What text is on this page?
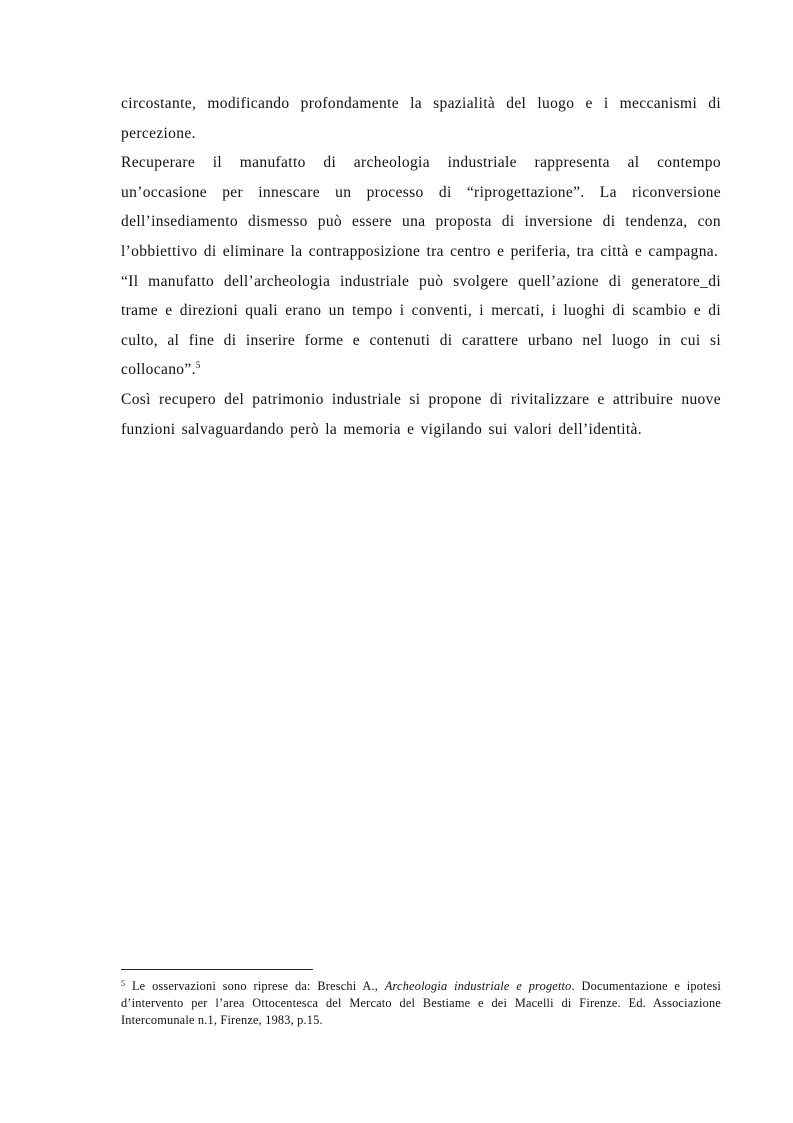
circostante, modificando profondamente la spazialità del luogo e i meccanismi di percezione.

Recuperare il manufatto di archeologia industriale rappresenta al contempo un’occasione per innescare un processo di “riprogettazione”. La riconversione dell’insediamento dismesso può essere una proposta di inversione di tendenza, con l’obbiettivo di eliminare la contrapposizione tra centro e periferia, tra città e campagna.

“Il manufatto dell’archeologia industriale può svolgere quell’azione di generatore_di trame e direzioni quali erano un tempo i conventi, i mercati, i luoghi di scambio e di culto, al fine di inserire forme e contenuti di carattere urbano nel luogo in cui si collocano”.$^5$

Così recupero del patrimonio industriale si propone di rivitalizzare e attribuire nuove funzioni salvaguardando però la memoria e vigilando sui valori dell’identità.

$^5$ Le osservazioni sono riprese da: Breschi A., Archeologia industriale e progetto. Documentazione e ipotesi d’intervento per l’area Ottocentesca del Mercato del Bestiame e dei Macelli di Firenze. Ed. Associazione Intercomunale n.1, Firenze, 1983, p.15.
